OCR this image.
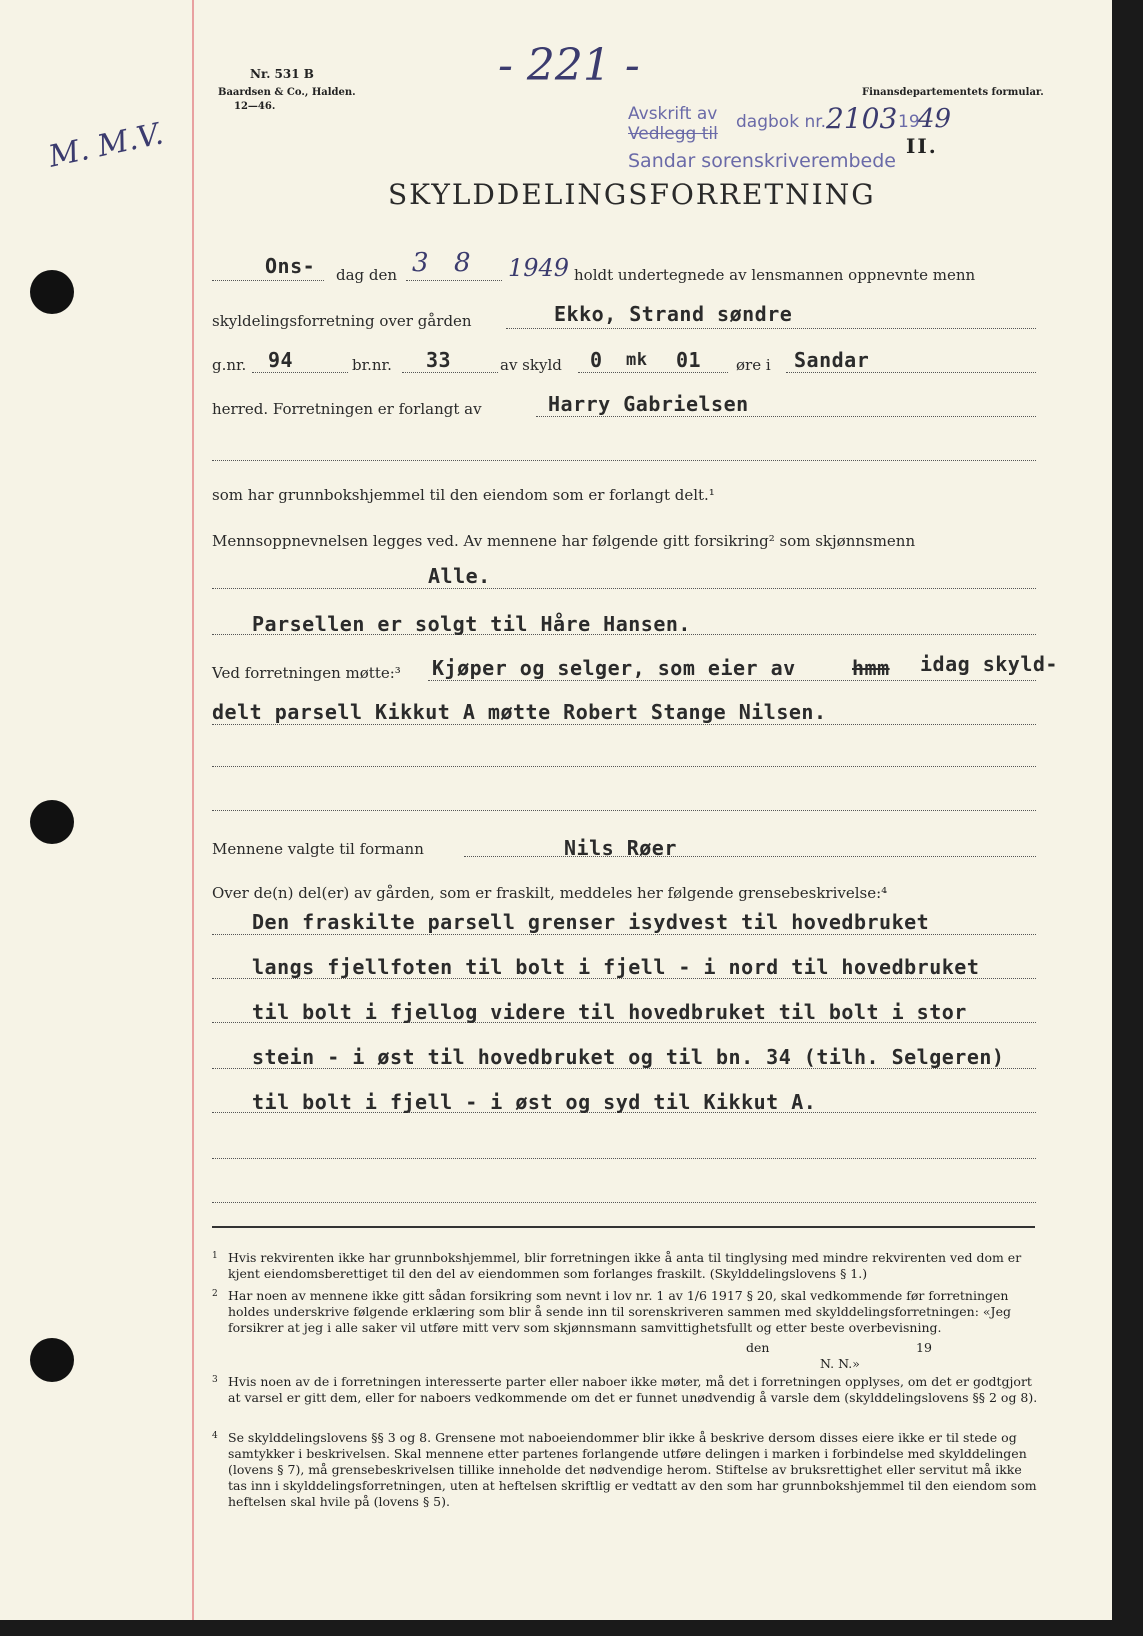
M. M.V.
Nr. 531 B
Baardsen & Co., Halden.
12—46.
- 221 -
Finansdepartementets formular.
Avskrift av dagbok nr. 2103 19
49
Vedlegg til	II.
Sandar sorenskriverembede
SKYLDDELINGSFORRETNING
Ons- dag den 3 8 1949 holdt undertegnede av lensmannen oppnevnte menn
skyldelingsforretning over gården	Ekko, Strand søndre
g.nr. 94	br.nr. 33	av skyld 0 mk 01 øre i Sandar
herred. Forretningen er forlangt av	Harry Gabrielsen
som har grunnbokshjemmel til den eiendom som er forlangt delt.¹
Mennsoppnevnelsen legges ved. Av mennene har følgende gitt forsikring² som skjønnsmenn
Alle.
Parsellen er solgt til Håre Hansen.
Ved forretningen møtte:³ Kjøper og selger, som eier av	hmm idag skyld-
delt parsell Kikkut A møtte Robert Stange Nilsen.
Mennene valgte til formann	Nils Røer
Over de(n) del(er) av gården, som er fraskilt, meddeles her følgende grensebeskrivelse:⁴
Den fraskilte parsell grenser isydvest til hovedbruket
langs fjellfoten til bolt i fjell - i nord til hovedbruket
til bolt i fjellog videre til hovedbruket til bolt i stor
stein - i øst til hovedbruket og til bn. 34 (tilh. Selgeren)
til bolt i fjell - i øst og syd til Kikkut A.
1 Hvis rekvirenten ikke har grunnbokshjemmel, blir forretningen ikke å anta til tinglysing med mindre rekvirenten ved dom er kjent eiendomsberettiget til den del av eiendommen som forlanges fraskilt. (Skylddelingslovens § 1.)
2 Har noen av mennene ikke gitt sådan forsikring som nevnt i lov nr. 1 av 1/6 1917 § 20, skal vedkommende før forretningen holdes underskrive følgende erklæring som blir å sende inn til sorenskriveren sammen med skylddelingsforretningen: «Jeg forsikrer at jeg i alle saker vil utføre mitt verv som skjønnsmann samvittighetsfullt og etter beste overbevisning.
den	19
N. N.»
3 Hvis noen av de i forretningen interesserte parter eller naboer ikke møter, må det i forretningen opplyses, om det er godtgjort at varsel er gitt dem, eller for naboers vedkommende om det er funnet unødvendig å varsle dem (skylddelingslovens §§ 2 og 8).
4 Se skylddelingslovens §§ 3 og 8. Grensene mot naboeiendommer blir ikke å beskrive dersom disses eiere ikke er til stede og samtykker i beskrivelsen. Skal mennene etter partenes forlangende utføre delingen i marken i forbindelse med skylddelingen (lovens § 7), må grensebeskrivelsen tillike inneholde det nødvendige herom. Stiftelse av bruksrettighet eller servitut må ikke tas inn i skylddelingsforretningen, uten at heftelsen skriftlig er vedtatt av den som har grunnbokshjemmel til den eiendom som heftelsen skal hvile på (lovens § 5).
